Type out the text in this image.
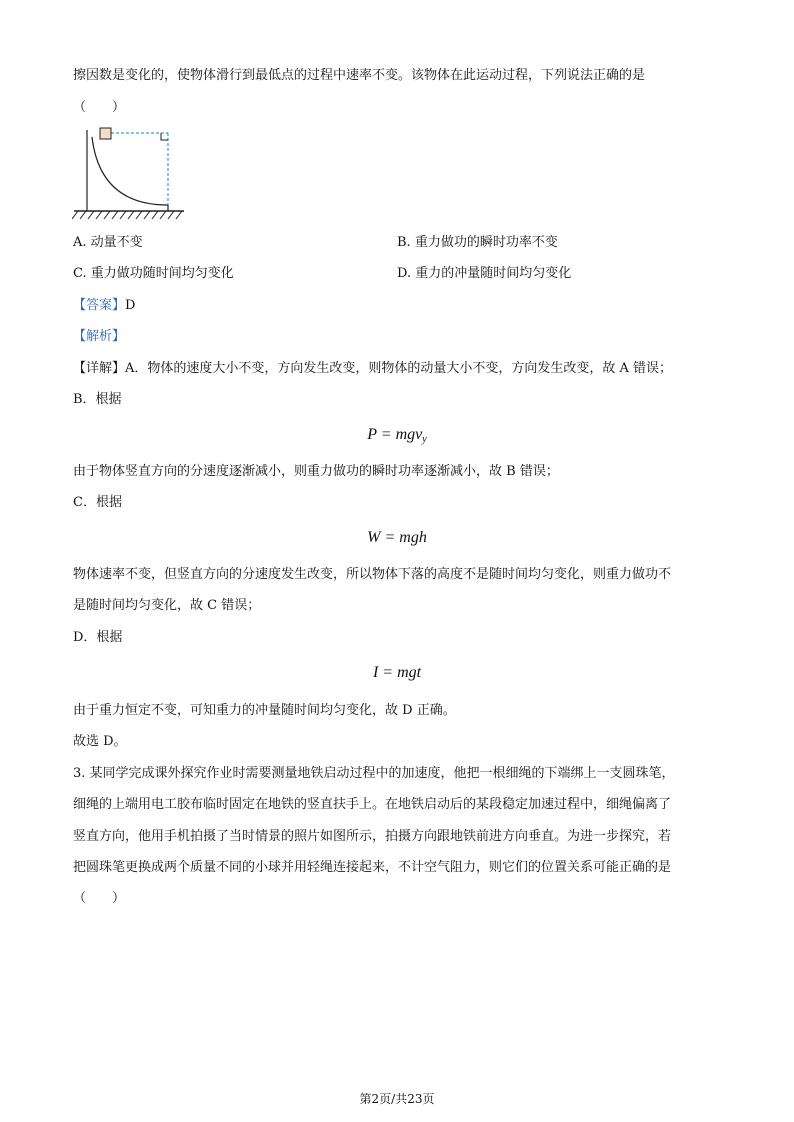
擦因数是变化的，使物体滑行到最低点的过程中速率不变。该物体在此运动过程，下列说法正确的是
（　　）
A. 动量不变	B. 重力做功的瞬时功率不变
C. 重力做功随时间均匀变化	D. 重力的冲量随时间均匀变化
【答案】D
【解析】
【详解】A．物体的速度大小不变，方向发生改变，则物体的动量大小不变，方向发生改变，故 A 错误；
B．根据
P = mgv$_y$
由于物体竖直方向的分速度逐渐减小，则重力做功的瞬时功率逐渐减小，故 B 错误；
C．根据
W = mgh
物体速率不变，但竖直方向的分速度发生改变，所以物体下落的高度不是随时间均匀变化，则重力做功不
是随时间均匀变化，故 C 错误；
D．根据
I = mgt
由于重力恒定不变，可知重力的冲量随时间均匀变化，故 D 正确。
故选 D。
3. 某同学完成课外探究作业时需要测量地铁启动过程中的加速度，他把一根细绳的下端绑上一支圆珠笔，
细绳的上端用电工胶布临时固定在地铁的竖直扶手上。在地铁启动后的某段稳定加速过程中，细绳偏离了
竖直方向，他用手机拍摄了当时情景的照片如图所示，拍摄方向跟地铁前进方向垂直。为进一步探究，若
把圆珠笔更换成两个质量不同的小球并用轻绳连接起来，不计空气阻力，则它们的位置关系可能正确的是
（　　）
第2页/共23页
